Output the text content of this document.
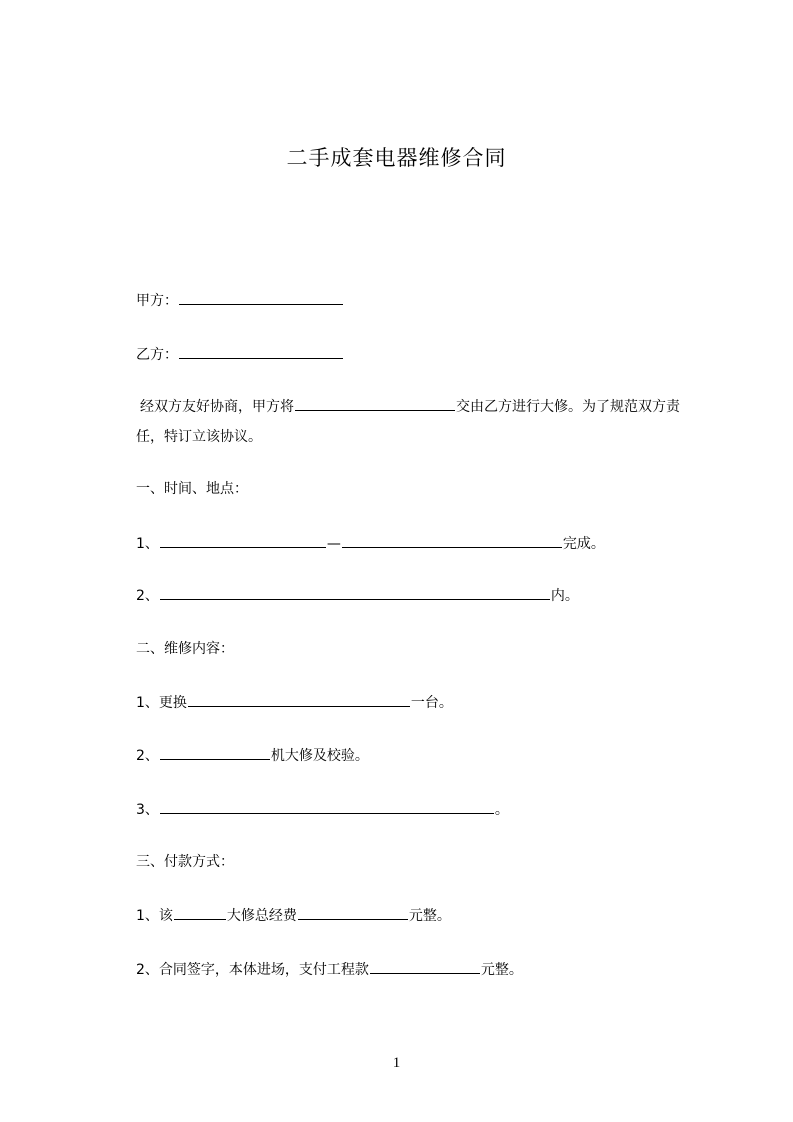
二手成套电器维修合同
甲方：
乙方：
经双方友好协商，甲方将	交由乙方进行大修。为了规范双方责任，特订立该协议。
一、时间、地点：
1、	—	完成。
2、	内。
二、维修内容：
1、更换	一台。
2、	机大修及校验。
3、	。
三、付款方式：
1、该	大修总经费	元整。
2、合同签字，本体进场，支付工程款	元整。
1
